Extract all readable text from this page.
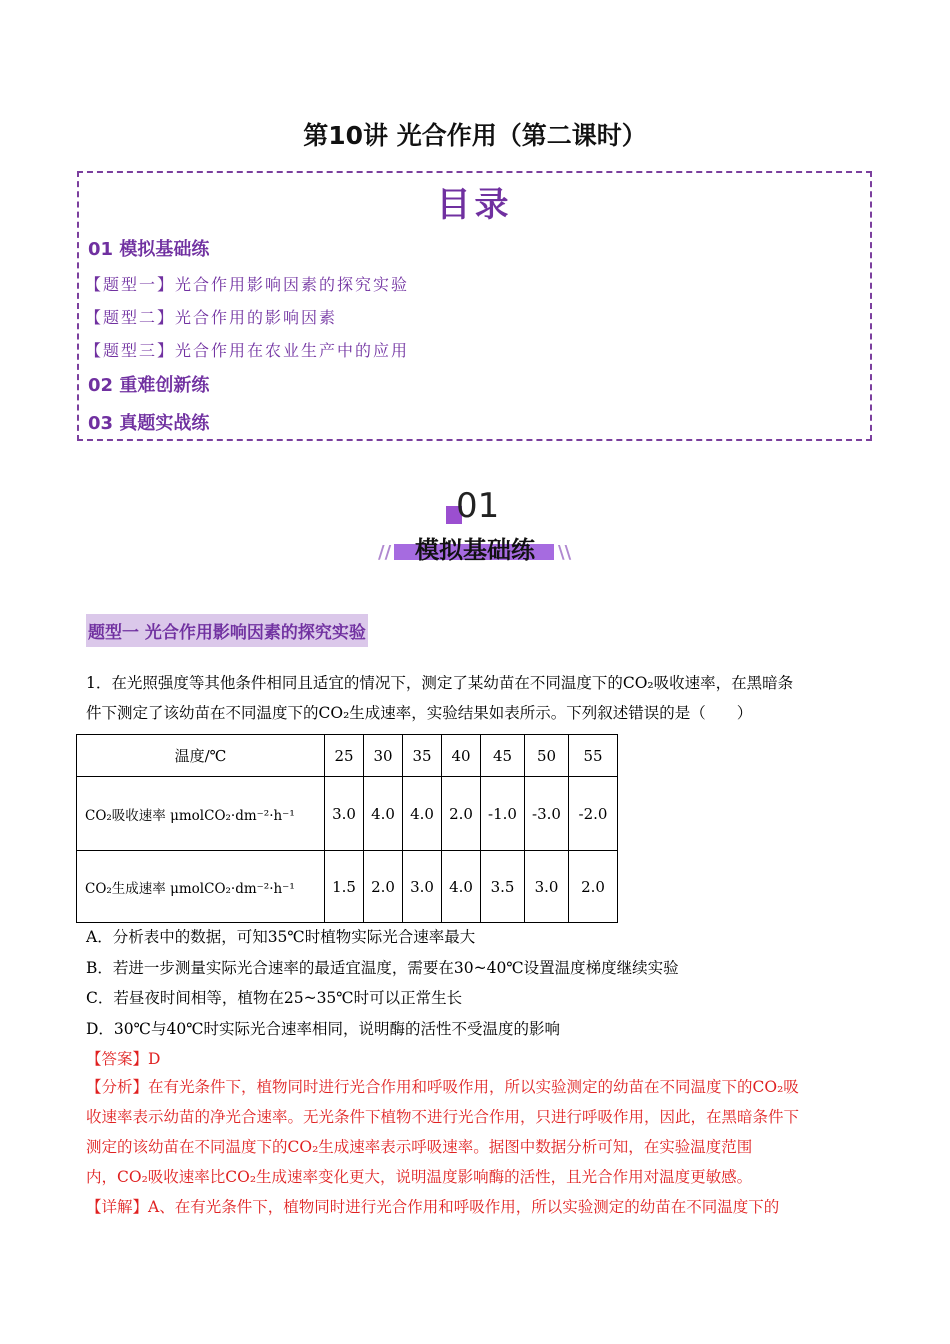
第10讲 光合作用（第二课时）
目录
01 模拟基础练
【题型一】光合作用影响因素的探究实验
【题型二】光合作用的影响因素
【题型三】光合作用在农业生产中的应用
02 重难创新练
03 真题实战练
01
// 模拟基础练	\\
题型一 光合作用影响因素的探究实验
1．在光照强度等其他条件相同且适宜的情况下，测定了某幼苗在不同温度下的CO₂吸收速率，在黑暗条
件下测定了该幼苗在不同温度下的CO₂生成速率，实验结果如表所示。下列叙述错误的是（　　）
温度/℃	25	30	35	40	45	50	55
CO₂吸收速率 μmolCO₂·dm⁻²·h⁻¹	3.0	4.0	4.0	2.0	-1.0	-3.0	-2.0
CO₂生成速率 μmolCO₂·dm⁻²·h⁻¹	1.5	2.0	3.0	4.0	3.5	3.0	2.0
A．分析表中的数据，可知35℃时植物实际光合速率最大
B．若进一步测量实际光合速率的最适宜温度，需要在30~40℃设置温度梯度继续实验
C．若昼夜时间相等，植物在25~35℃时可以正常生长
D．30℃与40℃时实际光合速率相同，说明酶的活性不受温度的影响
【答案】D
【分析】在有光条件下，植物同时进行光合作用和呼吸作用，所以实验测定的幼苗在不同温度下的CO₂吸
收速率表示幼苗的净光合速率。无光条件下植物不进行光合作用，只进行呼吸作用，因此，在黑暗条件下
测定的该幼苗在不同温度下的CO₂生成速率表示呼吸速率。据图中数据分析可知，在实验温度范围
内，CO₂吸收速率比CO₂生成速率变化更大，说明温度影响酶的活性，且光合作用对温度更敏感。
【详解】A、在有光条件下，植物同时进行光合作用和呼吸作用，所以实验测定的幼苗在不同温度下的
